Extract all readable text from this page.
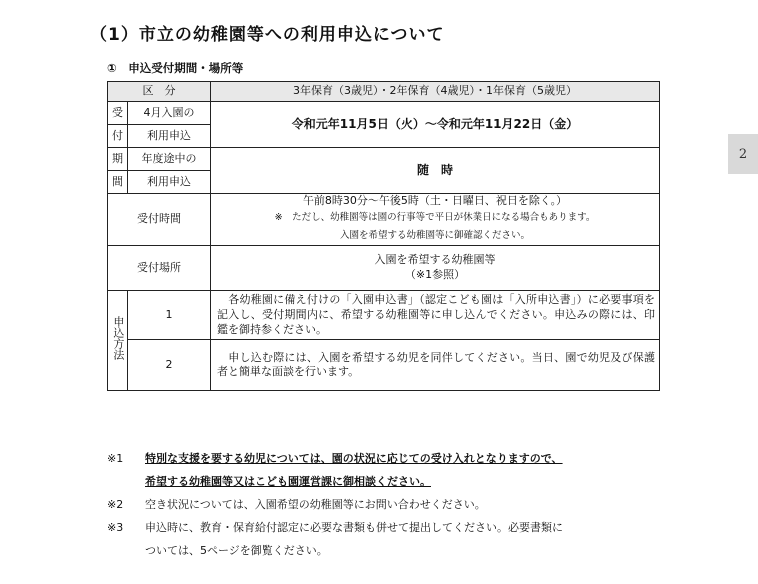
（1）市立の幼稚園等への利用申込について
①　申込受付期間・場所等
2
区　分		3年保育（3歳児）・2年保育（4歳児）・1年保育（5歳児）
受	4月入園の	令和元年11月5日（火）～令和元年11月22日（金）
付	利用申込	
期	年度途中の	随　時
間	利用申込	
受付時間		午前8時30分～午後5時（土・日曜日、祝日を除く。）
※　ただし、幼稚園等は園の行事等で平日が休業日になる場合もあります。
入園を希望する幼稚園等に御確認ください。

受付場所		入園を希望する幼稚園等
（※1参照）

申込方法	1	　各幼稚園に備え付けの「入園申込書」（認定こども園は「入所申込書」）に必要事項を記入し、受付期間内に、希望する幼稚園等に申し込んでください。申込みの際には、印鑑を御持参ください。
	2	　申し込む際には、入園を希望する幼児を同伴してください。当日、園で幼児及び保護者と簡単な面談を行います。
※1	特別な支援を要する幼児については、園の状況に応じての受け入れとなりますので、
希望する幼稚園等又はこども園運営課に御相談ください。
※2	空き状況については、入園希望の幼稚園等にお問い合わせください。
※3	申込時に、教育・保育給付認定に必要な書類も併せて提出してください。必要書類に
ついては、5ページを御覧ください。
